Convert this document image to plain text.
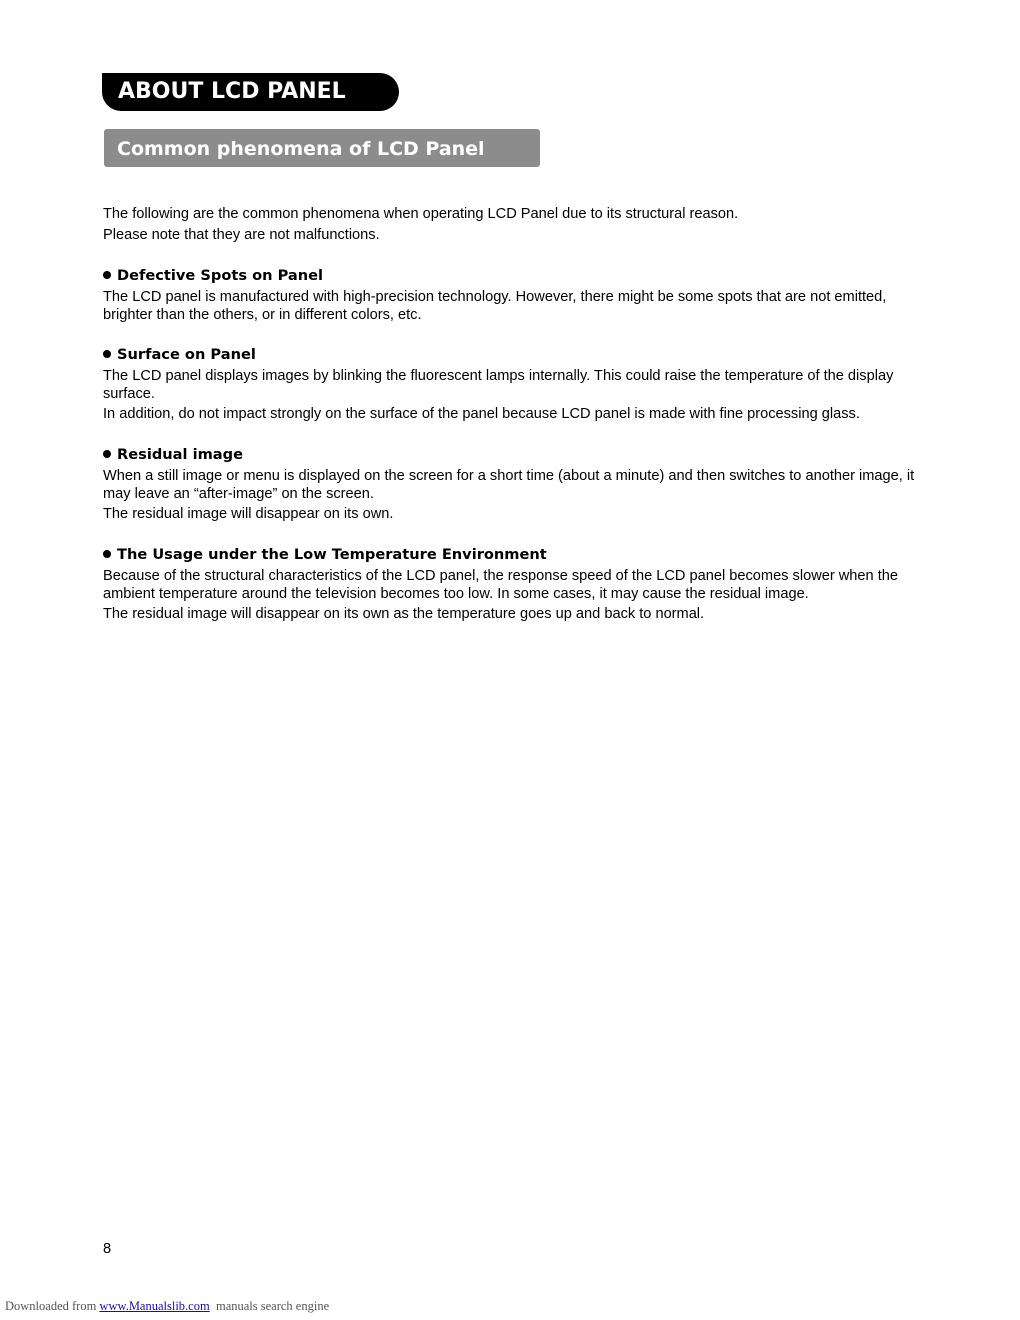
ABOUT LCD PANEL
Common phenomena of LCD Panel

The following are the common phenomena when operating LCD Panel due to its structural reason.

Please note that they are not malfunctions.

Defective Spots on Panel

The LCD panel is manufactured with high-precision technology. However, there might be some spots that are not emitted, brighter than the others, or in different colors, etc.

Surface on Panel

The LCD panel displays images by blinking the fluorescent lamps internally. This could raise the temperature of the display surface.

In addition, do not impact strongly on the surface of the panel because LCD panel is made with fine processing glass.

Residual image

When a still image or menu is displayed on the screen for a short time (about a minute) and then switches to another image, it may leave an “after-image” on the screen.

The residual image will disappear on its own.

The Usage under the Low Temperature Environment

Because of the structural characteristics of the LCD panel, the response speed of the LCD panel becomes slower when the ambient temperature around the television becomes too low. In some cases, it may cause the residual image.

The residual image will disappear on its own as the temperature goes up and back to normal.

8
Downloaded from www.Manualslib.com manuals search engine
